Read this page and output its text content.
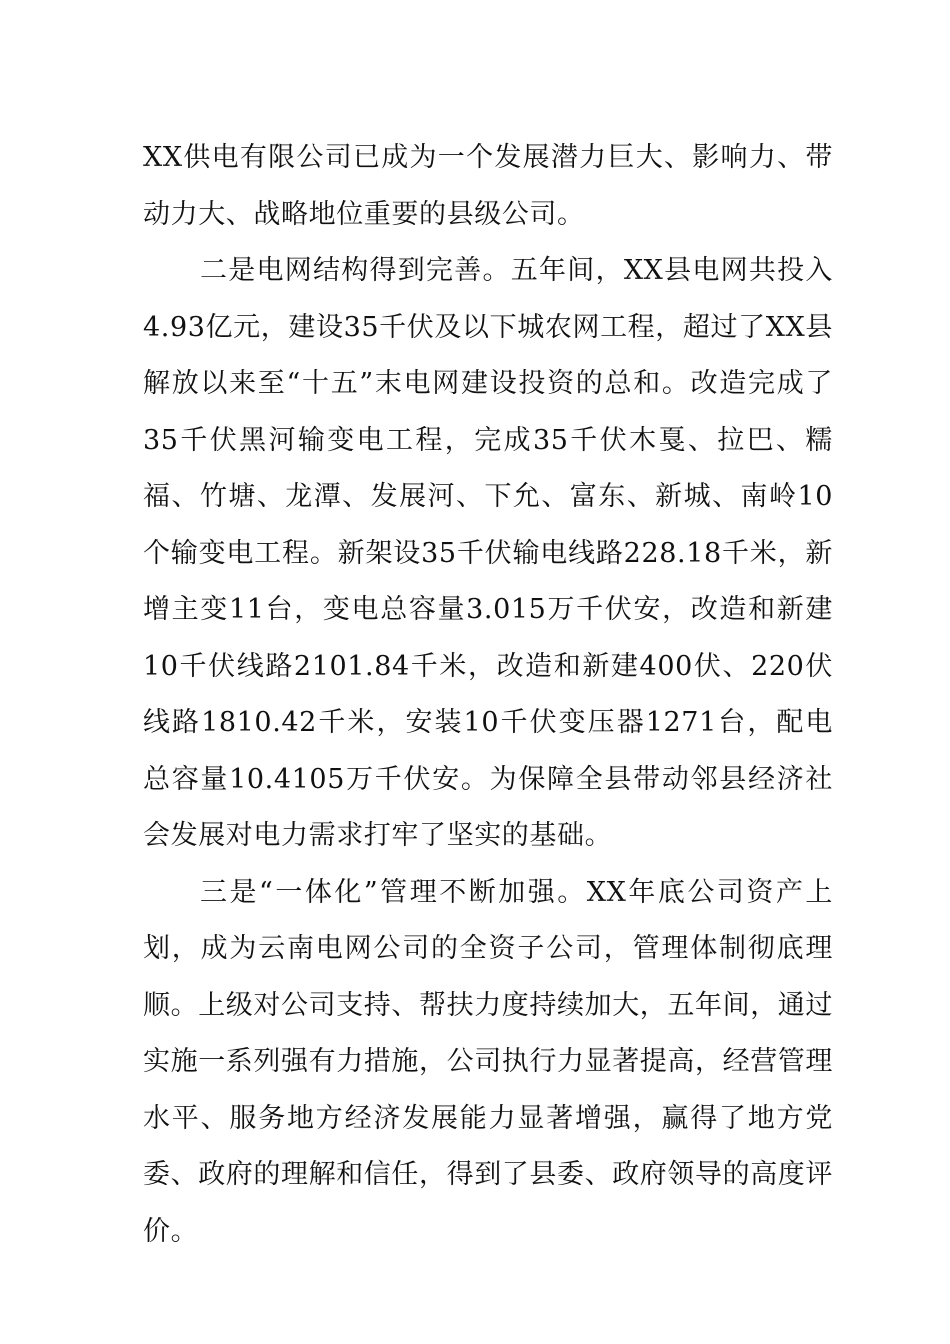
XX供电有限公司已成为一个发展潜力巨大、影响力、带动力大、战略地位重要的县级公司。

二是电网结构得到完善。五年间，XX县电网共投入4.93亿元，建设35千伏及以下城农网工程，超过了XX县解放以来至“十五”末电网建设投资的总和。改造完成了35千伏黑河输变电工程，完成35千伏木戛、拉巴、糯福、竹塘、龙潭、发展河、下允、富东、新城、南岭10个输变电工程。新架设35千伏输电线路228.18千米，新增主变11台，变电总容量3.015万千伏安，改造和新建10千伏线路2101.84千米，改造和新建400伏、220伏线路1810.42千米，安装10千伏变压器1271台，配电总容量10.4105万千伏安。为保障全县带动邻县经济社会发展对电力需求打牢了坚实的基础。

三是“一体化”管理不断加强。XX年底公司资产上划，成为云南电网公司的全资子公司，管理体制彻底理顺。上级对公司支持、帮扶力度持续加大，五年间，通过实施一系列强有力措施，公司执行力显著提高，经营管理水平、服务地方经济发展能力显著增强，赢得了地方党委、政府的理解和信任，得到了县委、政府领导的高度评价。
